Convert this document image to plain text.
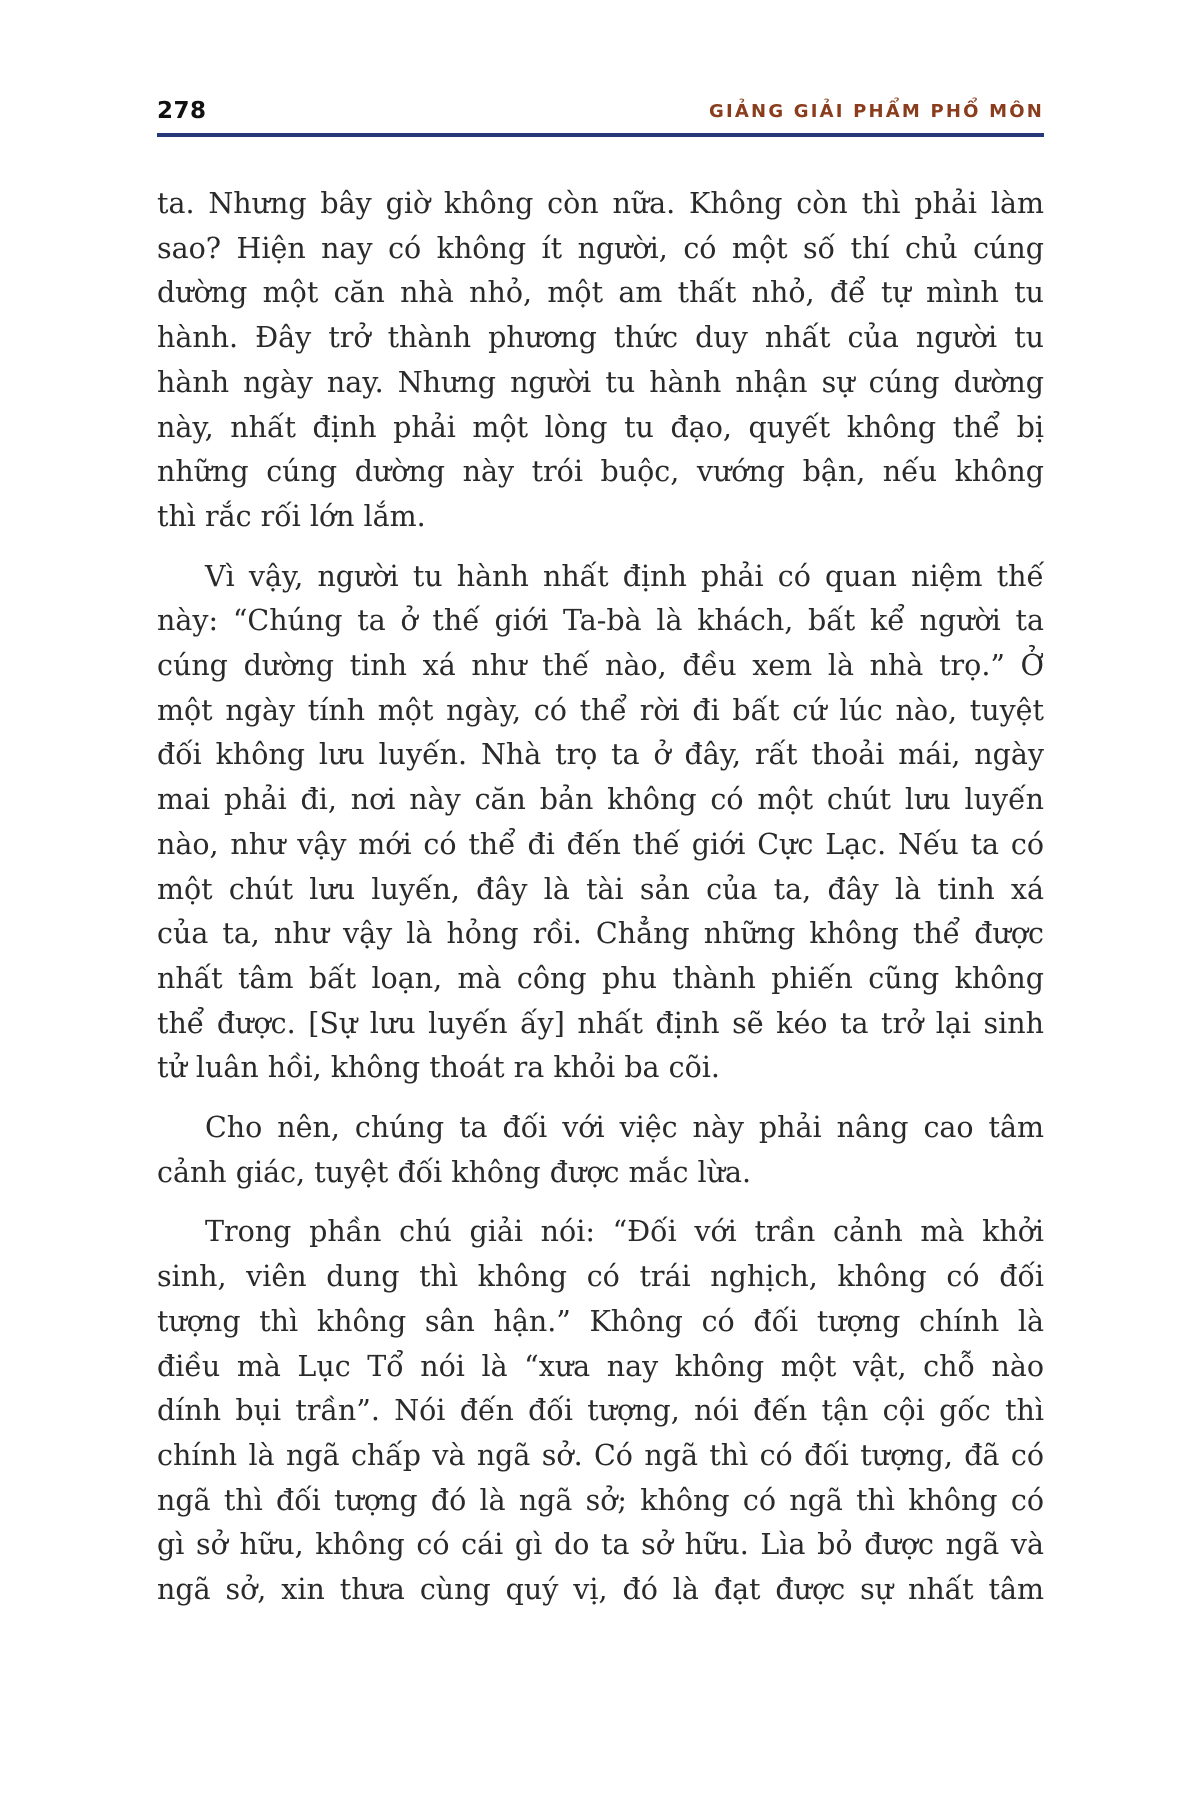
278	GIẢNG GIẢI PHẨM PHỔ MÔN

ta. Nhưng bây giờ không còn nữa. Không còn thì phải làm
sao? Hiện nay có không ít người, có một số thí chủ cúng
dường một căn nhà nhỏ, một am thất nhỏ, để tự mình tu
hành. Đây trở thành phương thức duy nhất của người tu
hành ngày nay. Nhưng người tu hành nhận sự cúng dường
này, nhất định phải một lòng tu đạo, quyết không thể bị
những cúng dường này trói buộc, vướng bận, nếu không
thì rắc rối lớn lắm.

Vì vậy, người tu hành nhất định phải có quan niệm thế
này: “Chúng ta ở thế giới Ta-bà là khách, bất kể người ta
cúng dường tinh xá như thế nào, đều xem là nhà trọ.” Ở
một ngày tính một ngày, có thể rời đi bất cứ lúc nào, tuyệt
đối không lưu luyến. Nhà trọ ta ở đây, rất thoải mái, ngày
mai phải đi, nơi này căn bản không có một chút lưu luyến
nào, như vậy mới có thể đi đến thế giới Cực Lạc. Nếu ta có
một chút lưu luyến, đây là tài sản của ta, đây là tinh xá
của ta, như vậy là hỏng rồi. Chẳng những không thể được
nhất tâm bất loạn, mà công phu thành phiến cũng không
thể được. [Sự lưu luyến ấy] nhất định sẽ kéo ta trở lại sinh
tử luân hồi, không thoát ra khỏi ba cõi.

Cho nên, chúng ta đối với việc này phải nâng cao tâm
cảnh giác, tuyệt đối không được mắc lừa.

Trong phần chú giải nói: “Đối với trần cảnh mà khởi
sinh, viên dung thì không có trái nghịch, không có đối
tượng thì không sân hận.” Không có đối tượng chính là
điều mà Lục Tổ nói là “xưa nay không một vật, chỗ nào
dính bụi trần”. Nói đến đối tượng, nói đến tận cội gốc thì
chính là ngã chấp và ngã sở. Có ngã thì có đối tượng, đã có
ngã thì đối tượng đó là ngã sở; không có ngã thì không có
gì sở hữu, không có cái gì do ta sở hữu. Lìa bỏ được ngã và
ngã sở, xin thưa cùng quý vị, đó là đạt được sự nhất tâm
